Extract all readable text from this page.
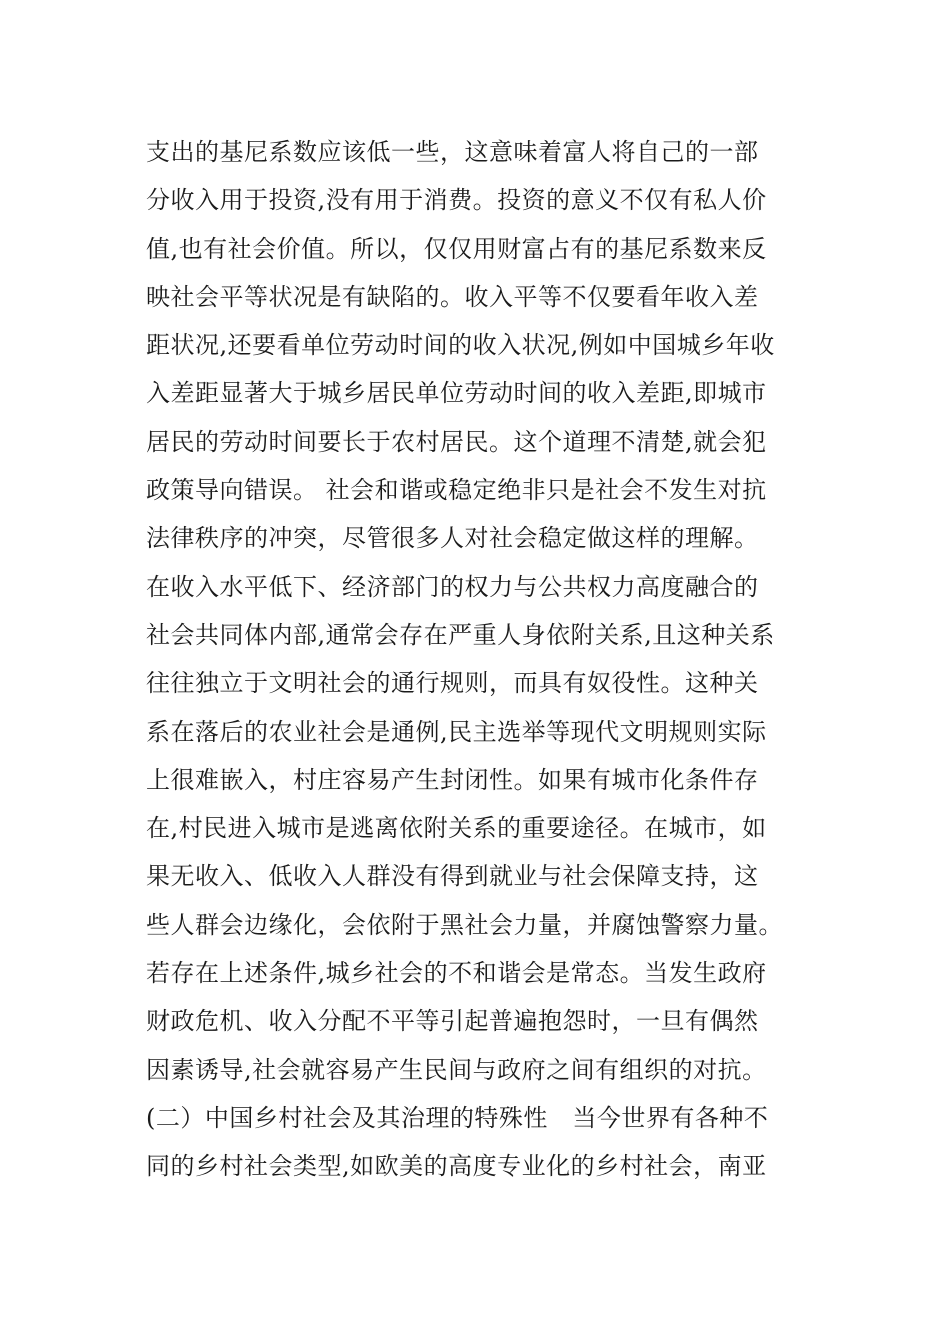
支出的基尼系数应该低一些，这意味着富人将自己的一部
分收入用于投资,没有用于消费。投资的意义不仅有私人价
值,也有社会价值。所以，仅仅用财富占有的基尼系数来反
映社会平等状况是有缺陷的。收入平等不仅要看年收入差
距状况,还要看单位劳动时间的收入状况,例如中国城乡年收
入差距显著大于城乡居民单位劳动时间的收入差距,即城市
居民的劳动时间要长于农村居民。这个道理不清楚,就会犯
政策导向错误。 社会和谐或稳定绝非只是社会不发生对抗
法律秩序的冲突，尽管很多人对社会稳定做这样的理解。
在收入水平低下、经济部门的权力与公共权力高度融合的
社会共同体内部,通常会存在严重人身依附关系,且这种关系
往往独立于文明社会的通行规则，而具有奴役性。这种关
系在落后的农业社会是通例,民主选举等现代文明规则实际
上很难嵌入，村庄容易产生封闭性。如果有城市化条件存
在,村民进入城市是逃离依附关系的重要途径。在城市，如
果无收入、低收入人群没有得到就业与社会保障支持，这
些人群会边缘化，会依附于黑社会力量，并腐蚀警察力量。
若存在上述条件,城乡社会的不和谐会是常态。当发生政府
财政危机、收入分配不平等引起普遍抱怨时，一旦有偶然
因素诱导,社会就容易产生民间与政府之间有组织的对抗。
(二）中国乡村社会及其治理的特殊性　当今世界有各种不
同的乡村社会类型,如欧美的高度专业化的乡村社会，南亚
